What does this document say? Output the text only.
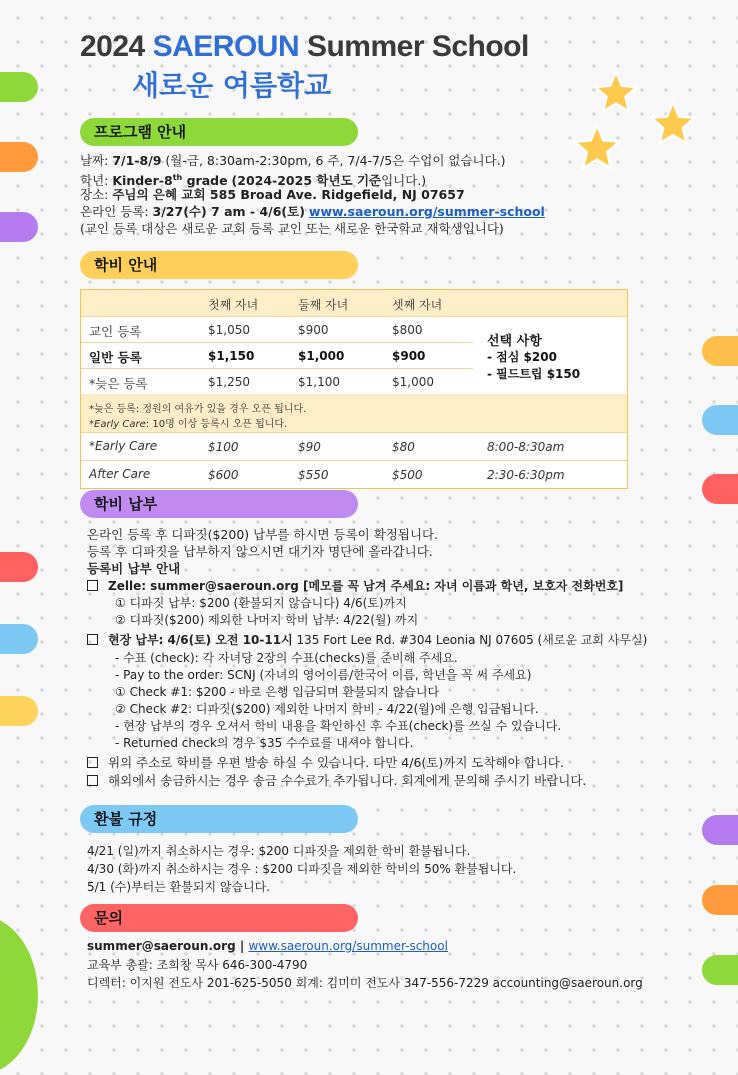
2024 SAEROUN Summer School
새로운 여름학교
프로그램 안내
날짜: 7/1-8/9 (월-금, 8:30am-2:30pm, 6 주, 7/4-7/5은 수업이 없습니다.)
학년: Kinder-8th grade (2024-2025 학년도 기준입니다.)
장소: 주님의 은혜 교회 585 Broad Ave. Ridgefield, NJ 07657
온라인 등록: 3/27(수) 7 am - 4/6(토) www.saeroun.org/summer-school
(교인 등록 대상은 새로운 교회 등록 교인 또는 새로운 한국학교 재학생입니다)
학비 안내
첫째 자녀	둘째 자녀	셋째 자녀
교인 등록	$1,050	$900	$800
일반 등록	$1,150	$1,000	$900
*늦은 등록	$1,250	$1,100	$1,000
선택 사항
- 점심 $200
- 필드트립 $150
*늦은 등록: 정원의 여유가 있을 경우 오픈 됩니다.
*Early Care: 10명 이상 등록시 오픈 됩니다.
*Early Care	$100	$90	$80	8:00-8:30am
After Care	$600	$550	$500	2:30-6:30pm
학비 납부
온라인 등록 후 디파짓($200) 납부를 하시면 등록이 확정됩니다.
등록 후 디파짓을 납부하지 않으시면 대기자 명단에 올라갑니다.
등록비 납부 안내
Zelle: summer@saeroun.org [메모를 꼭 남겨 주세요: 자녀 이름과 학년, 보호자 전화번호]
① 디파짓 납부: $200 (환불되지 않습니다) 4/6(토)까지
② 디파짓($200) 제외한 나머지 학비 납부: 4/22(월) 까지
현장 납부: 4/6(토) 오전 10-11시 135 Fort Lee Rd. #304 Leonia NJ 07605 (새로운 교회 사무실)
- 수표 (check): 각 자녀당 2장의 수표(checks)를 준비해 주세요.
- Pay to the order: SCNJ (자녀의 영어이름/한국어 이름, 학년을 꼭 써 주세요)
① Check #1: $200 - 바로 은행 입금되며 환불되지 않습니다
② Check #2: 디파짓($200) 제외한 나머지 학비 - 4/22(월)에 은행 입금됩니다.
- 현장 납부의 경우 오셔서 학비 내용을 확인하신 후 수표(check)를 쓰실 수 있습니다.
- Returned check의 경우 $35 수수료를 내셔야 합니다.
위의 주소로 학비를 우편 발송 하실 수 있습니다. 다만 4/6(토)까지 도착해야 합니다.
해외에서 송금하시는 경우 송금 수수료가 추가됩니다. 회계에게 문의해 주시기 바랍니다.
환불 규정
4/21 (일)까지 취소하시는 경우: $200 디파짓을 제외한 학비 환불됩니다.
4/30 (화)까지 취소하시는 경우 : $200 디파짓을 제외한 학비의 50% 환불됩니다.
5/1 (수)부터는 환불되지 않습니다.
문의
summer@saeroun.org | www.saeroun.org/summer-school
교육부 총괄: 조희창 목사 646-300-4790
디렉터: 이지원 전도사 201-625-5050 회계: 김미미 전도사 347-556-7229 accounting@saeroun.org
